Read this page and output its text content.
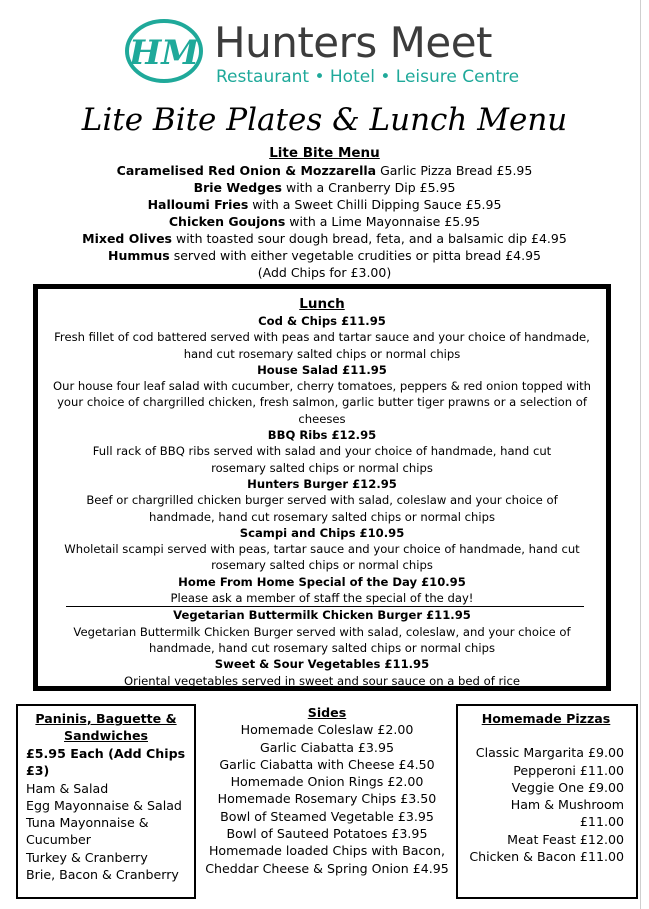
HM Hunters Meet
Restaurant • Hotel • Leisure Centre
Lite Bite Plates & Lunch Menu
Lite Bite Menu
Caramelised Red Onion & Mozzarella Garlic Pizza Bread £5.95
Brie Wedges with a Cranberry Dip £5.95
Halloumi Fries with a Sweet Chilli Dipping Sauce £5.95
Chicken Goujons with a Lime Mayonnaise £5.95
Mixed Olives with toasted sour dough bread, feta, and a balsamic dip £4.95
Hummus served with either vegetable crudities or pitta bread £4.95
(Add Chips for £3.00)
Lunch
Cod & Chips £11.95
Fresh fillet of cod battered served with peas and tartar sauce and your choice of handmade, hand cut rosemary salted chips or normal chips
House Salad £11.95
Our house four leaf salad with cucumber, cherry tomatoes, peppers & red onion topped with your choice of chargrilled chicken, fresh salmon, garlic butter tiger prawns or a selection of cheeses
BBQ Ribs £12.95
Full rack of BBQ ribs served with salad and your choice of handmade, hand cut rosemary salted chips or normal chips
Hunters Burger £12.95
Beef or chargrilled chicken burger served with salad, coleslaw and your choice of handmade, hand cut rosemary salted chips or normal chips
Scampi and Chips £10.95
Wholetail scampi served with peas, tartar sauce and your choice of handmade, hand cut rosemary salted chips or normal chips
Home From Home Special of the Day £10.95
Please ask a member of staff the special of the day!
Vegetarian Buttermilk Chicken Burger £11.95
Vegetarian Buttermilk Chicken Burger served with salad, coleslaw, and your choice of handmade, hand cut rosemary salted chips or normal chips
Sweet & Sour Vegetables £11.95
Oriental vegetables served in sweet and sour sauce on a bed of rice
Paninis, Baguette & Sandwiches
£5.95 Each (Add Chips £3)
Ham & Salad
Egg Mayonnaise & Salad
Tuna Mayonnaise & Cucumber
Turkey & Cranberry
Brie, Bacon & Cranberry
Sides
Homemade Coleslaw £2.00
Garlic Ciabatta £3.95
Garlic Ciabatta with Cheese £4.50
Homemade Onion Rings £2.00
Homemade Rosemary Chips £3.50
Bowl of Steamed Vegetable £3.95
Bowl of Sauteed Potatoes £3.95
Homemade loaded Chips with Bacon, Cheddar Cheese & Spring Onion £4.95
Homemade Pizzas
Classic Margarita £9.00
Pepperoni £11.00
Veggie One £9.00
Ham & Mushroom £11.00
Meat Feast £12.00
Chicken & Bacon £11.00
